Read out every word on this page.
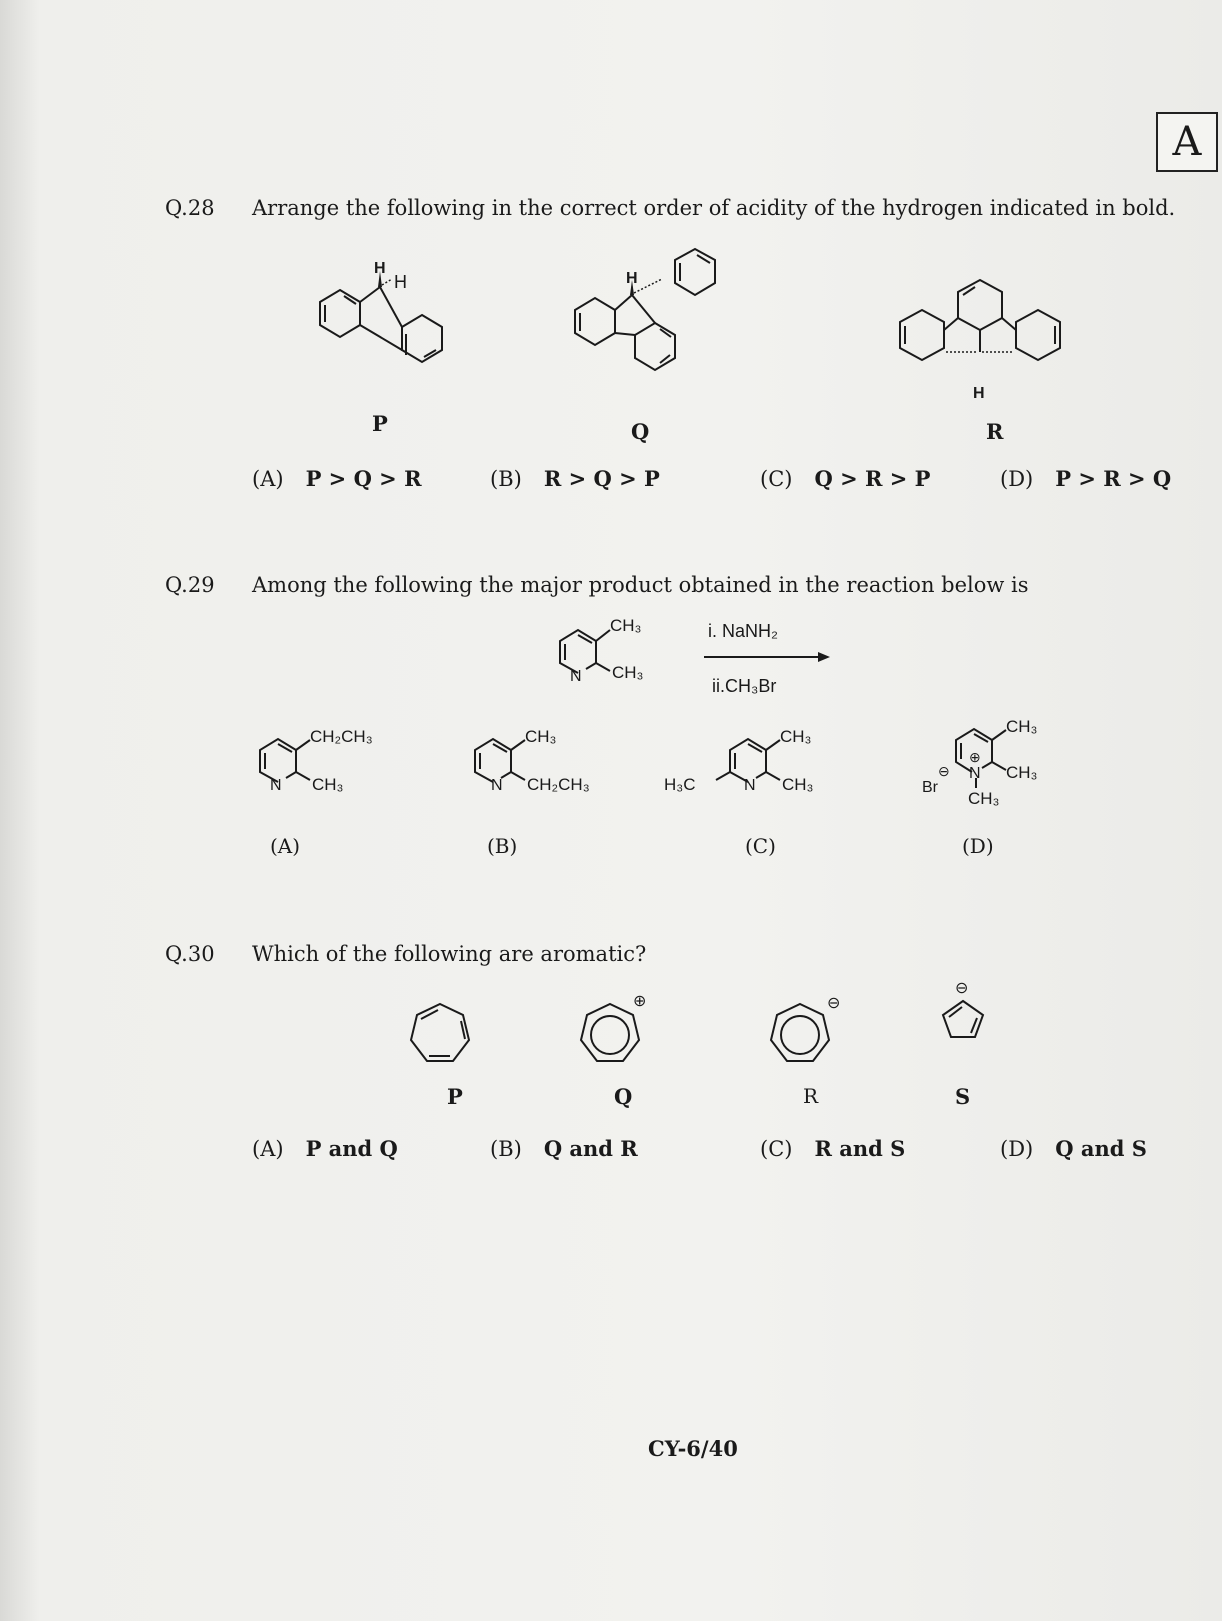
A
Q.28 Arrange the following in the correct order of acidity of the hydrogen indicated in bold.
H
H	H
H
P	Q	R
(A) P > Q > R	(B) R > Q > P	(C) Q > R > P	(D) P > R > Q
Q.29 Among the following the major product obtained in the reaction below is
N
CH₃
CH₃
i. NaNH₂
ii.CH₃Br
N
CH₂CH₃
CH₃	N
CH₃
CH₂CH₃	H₃C	N
CH₃
CH₃
⊕
N
CH₃
CH₃
CH₃
Br
⊖
(A)	(B)	(C)	(D)
Q.30 Which of the following are aromatic?
⊕	⊖
⊖
P	Q	R	S
(A) P and Q	(B) Q and R	(C) R and S	(D) Q and S
CY-6/40
